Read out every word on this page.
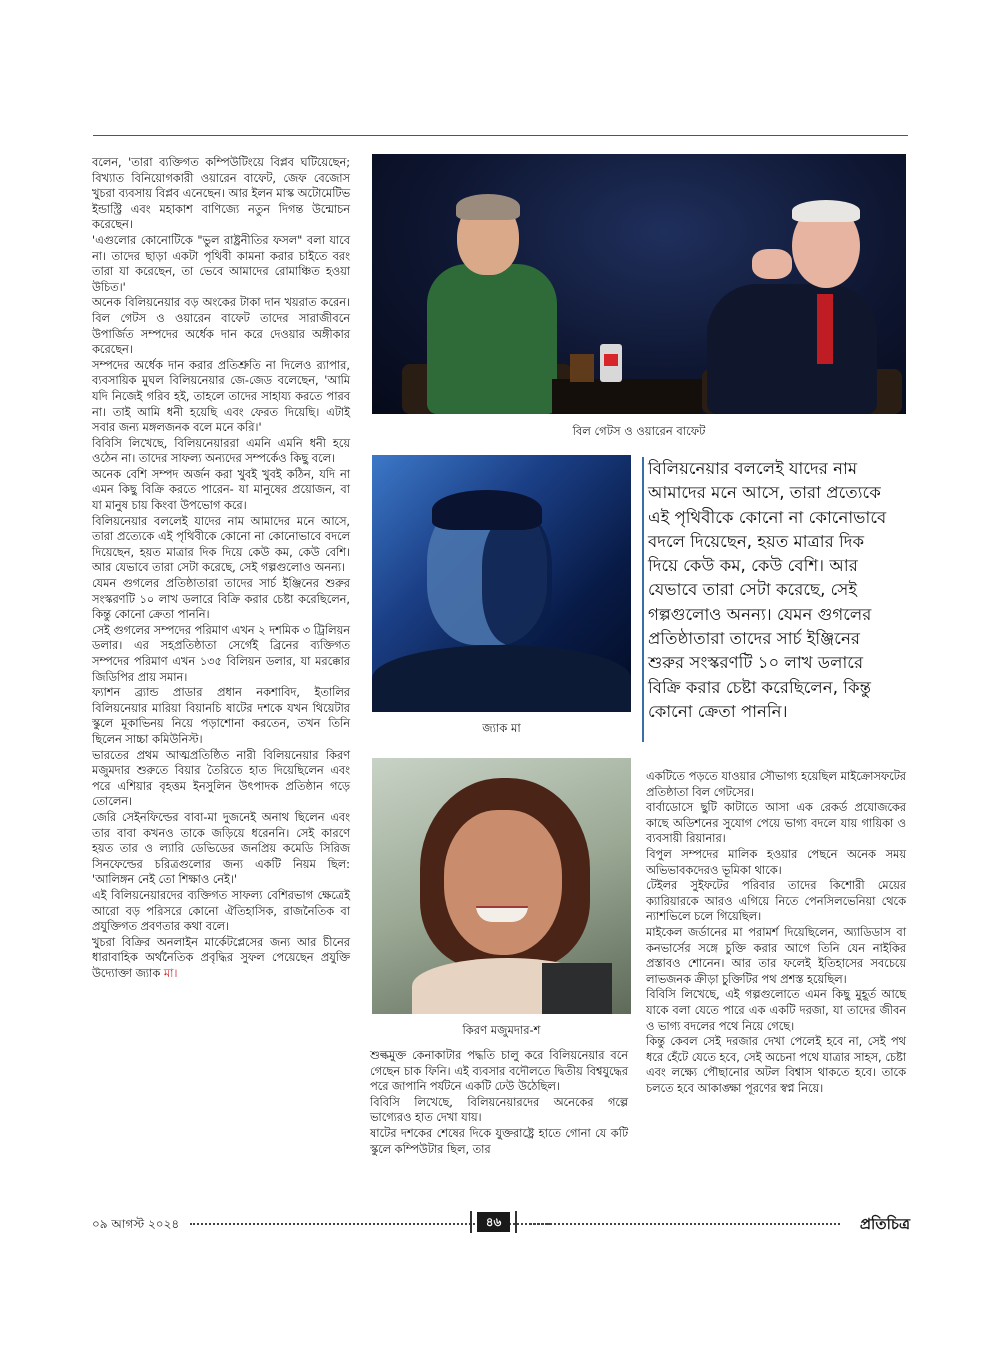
বলেন, 'তারা ব্যক্তিগত কম্পিউটিংয়ে বিপ্লব ঘটিয়েছেন; বিখ্যাত বিনিয়োগকারী ওয়ারেন বাফেট, জেফ বেজোস খুচরা ব্যবসায় বিপ্লব এনেছেন। আর ইলন মাস্ক অটোমেটিভ ইন্ডাস্ট্রি এবং মহাকাশ বাণিজ্যে নতুন দিগন্ত উন্মোচন করেছেন।

'এগুলোর কোনোটিকে "ভুল রাষ্ট্রনীতির ফসল" বলা যাবে না। তাদের ছাড়া একটা পৃথিবী কামনা করার চাইতে বরং তারা যা করেছেন, তা ভেবে আমাদের রোমাঞ্চিত হওয়া উচিত।'

অনেক বিলিয়নেয়ার বড় অংকের টাকা দান খয়রাত করেন। বিল গেটস ও ওয়ারেন বাফেট তাদের সারাজীবনে উপার্জিত সম্পদের অর্ধেক দান করে দেওয়ার অঙ্গীকার করেছেন।

সম্পদের অর্ধেক দান করার প্রতিশ্রুতি না দিলেও র‍্যাপার, ব্যবসায়িক মুঘল বিলিয়নেয়ার জে-জেড বলেছেন, 'আমি যদি নিজেই গরিব হই, তাহলে তাদের সাহায্য করতে পারব না। তাই আমি ধনী হয়েছি এবং ফেরত দিয়েছি। এটাই সবার জন্য মঙ্গলজনক বলে মনে করি।'

বিবিসি লিখেছে, বিলিয়নেয়াররা এমনি এমনি ধনী হয়ে ওঠেন না। তাদের সাফল্য অন্যদের সম্পর্কেও কিছু বলে।

অনেক বেশি সম্পদ অর্জন করা খুবই খুবই কঠিন, যদি না এমন কিছু বিক্রি করতে পারেন- যা মানুষের প্রয়োজন, বা যা মানুষ চায় কিংবা উপভোগ করে।

বিলিয়নেয়ার বললেই যাদের নাম আমাদের মনে আসে, তারা প্রত্যেকে এই পৃথিবীকে কোনো না কোনোভাবে বদলে দিয়েছেন, হয়ত মাত্রার দিক দিয়ে কেউ কম, কেউ বেশি। আর যেভাবে তারা সেটা করেছে, সেই গল্পগুলোও অনন্য।

যেমন গুগলের প্রতিষ্ঠাতারা তাদের সার্চ ইঞ্জিনের শুরুর সংস্করণটি ১০ লাখ ডলারে বিক্রি করার চেষ্টা করেছিলেন, কিন্তু কোনো ক্রেতা পাননি।

সেই গুগলের সম্পদের পরিমাণ এখন ২ দশমিক ৩ ট্রিলিয়ন ডলার। এর সহপ্রতিষ্ঠাতা সের্গেই ব্রিনের ব্যক্তিগত সম্পদের পরিমাণ এখন ১৩৫ বিলিয়ন ডলার, যা মরক্কোর জিডিপির প্রায় সমান।

ফ্যাশন ব্র্যান্ড প্রাডার প্রধান নকশাবিদ, ইতালির বিলিয়নেয়ার মারিয়া বিয়ানচি ষাটের দশকে যখন থিয়েটার স্কুলে মূকাভিনয় নিয়ে পড়াশোনা করতেন, তখন তিনি ছিলেন সাচ্চা কমিউনিস্ট।

ভারতের প্রথম আত্মপ্রতিষ্ঠিত নারী বিলিয়নেয়ার কিরণ মজুমদার শুরুতে বিয়ার তৈরিতে হাত দিয়েছিলেন এবং পরে এশিয়ার বৃহত্তম ইনসুলিন উৎপাদক প্রতিষ্ঠান গড়ে তোলেন।

জেরি সেইনফিল্ডের বাবা-মা দুজনেই অনাথ ছিলেন এবং তার বাবা কখনও তাকে জড়িয়ে ধরেননি। সেই কারণে হয়ত তার ও ল্যারি ডেভিডের জনপ্রিয় কমেডি সিরিজ সিনফেল্ডের চরিত্রগুলোর জন্য একটি নিয়ম ছিল: 'আলিঙ্গন নেই তো শিক্ষাও নেই।'

এই বিলিয়নেয়ারদের ব্যক্তিগত সাফল্য বেশিরভাগ ক্ষেত্রেই আরো বড় পরিসরে কোনো ঐতিহাসিক, রাজনৈতিক বা প্রযুক্তিগত প্রবণতার কথা বলে।

খুচরা বিক্রির অনলাইন মার্কেটপ্লেসের জন্য আর চীনের ধারাবাহিক অর্থনৈতিক প্রবৃদ্ধির সুফল পেয়েছেন প্রযুক্তি উদ্যোক্তা জ্যাক মা।

বিল গেটস ও ওয়ারেন বাফেট
জ্যাক মা
বিলিয়নেয়ার বললেই যাদের নাম আমাদের মনে আসে, তারা প্রত্যেকে এই পৃথিবীকে কোনো না কোনোভাবে বদলে দিয়েছেন, হয়ত মাত্রার দিক দিয়ে কেউ কম, কেউ বেশি। আর যেভাবে তারা সেটা করেছে, সেই গল্পগুলোও অনন্য। যেমন গুগলের প্রতিষ্ঠাতারা তাদের সার্চ ইঞ্জিনের শুরুর সংস্করণটি ১০ লাখ ডলারে বিক্রি করার চেষ্টা করেছিলেন, কিন্তু কোনো ক্রেতা পাননি।
কিরণ মজুমদার-শ

শুল্কমুক্ত কেনাকাটার পদ্ধতি চালু করে বিলিয়নেয়ার বনে গেছেন চাক ফিনি। এই ব্যবসার বদৌলতে দ্বিতীয় বিশ্বযুদ্ধের পরে জাপানি পর্যটনে একটি ঢেউ উঠেছিল।

বিবিসি লিখেছে, বিলিয়নেয়ারদের অনেকের গল্পে ভাগ্যেরও হাত দেখা যায়।

ষাটের দশকের শেষের দিকে যুক্তরাষ্ট্রে হাতে গোনা যে কটি স্কুলে কম্পিউটার ছিল, তার

একটিতে পড়তে যাওয়ার সৌভাগ্য হয়েছিল মাইক্রোসফটের প্রতিষ্ঠাতা বিল গেটসের।

বার্বাডোসে ছুটি কাটাতে আসা এক রেকর্ড প্রযোজকের কাছে অডিশনের সুযোগ পেয়ে ভাগ্য বদলে যায় গায়িকা ও ব্যবসায়ী রিয়ানার।

বিপুল সম্পদের মালিক হওয়ার পেছনে অনেক সময় অভিভাবকদেরও ভূমিকা থাকে।

টেইলর সুইফটের পরিবার তাদের কিশোরী মেয়ের ক্যারিয়ারকে আরও এগিয়ে নিতে পেনসিলভেনিয়া থেকে ন্যাশভিলে চলে গিয়েছিল।

মাইকেল জর্ডানের মা পরামর্শ দিয়েছিলেন, অ্যাডিডাস বা কনভার্সের সঙ্গে চুক্তি করার আগে তিনি যেন নাইকির প্রস্তাবও শোনেন। আর তার ফলেই ইতিহাসের সবচেয়ে লাভজনক ক্রীড়া চুক্তিটির পথ প্রশস্ত হয়েছিল।

বিবিসি লিখেছে, এই গল্পগুলোতে এমন কিছু মুহূর্ত আছে যাকে বলা যেতে পারে এক একটি দরজা, যা তাদের জীবন ও ভাগ্য বদলের পথে নিয়ে গেছে।

কিন্তু কেবল সেই দরজার দেখা পেলেই হবে না, সেই পথ ধরে হেঁটে যেতে হবে, সেই অচেনা পথে যাত্রার সাহস, চেষ্টা এবং লক্ষ্যে পৌছানোর অটল বিশ্বাস থাকতে হবে। তাকে চলতে হবে আকাঙ্ক্ষা পূরণের স্বপ্ন নিয়ে।

০৯ আগস্ট ২০২৪	৪৬	প্রতিচিত্র
